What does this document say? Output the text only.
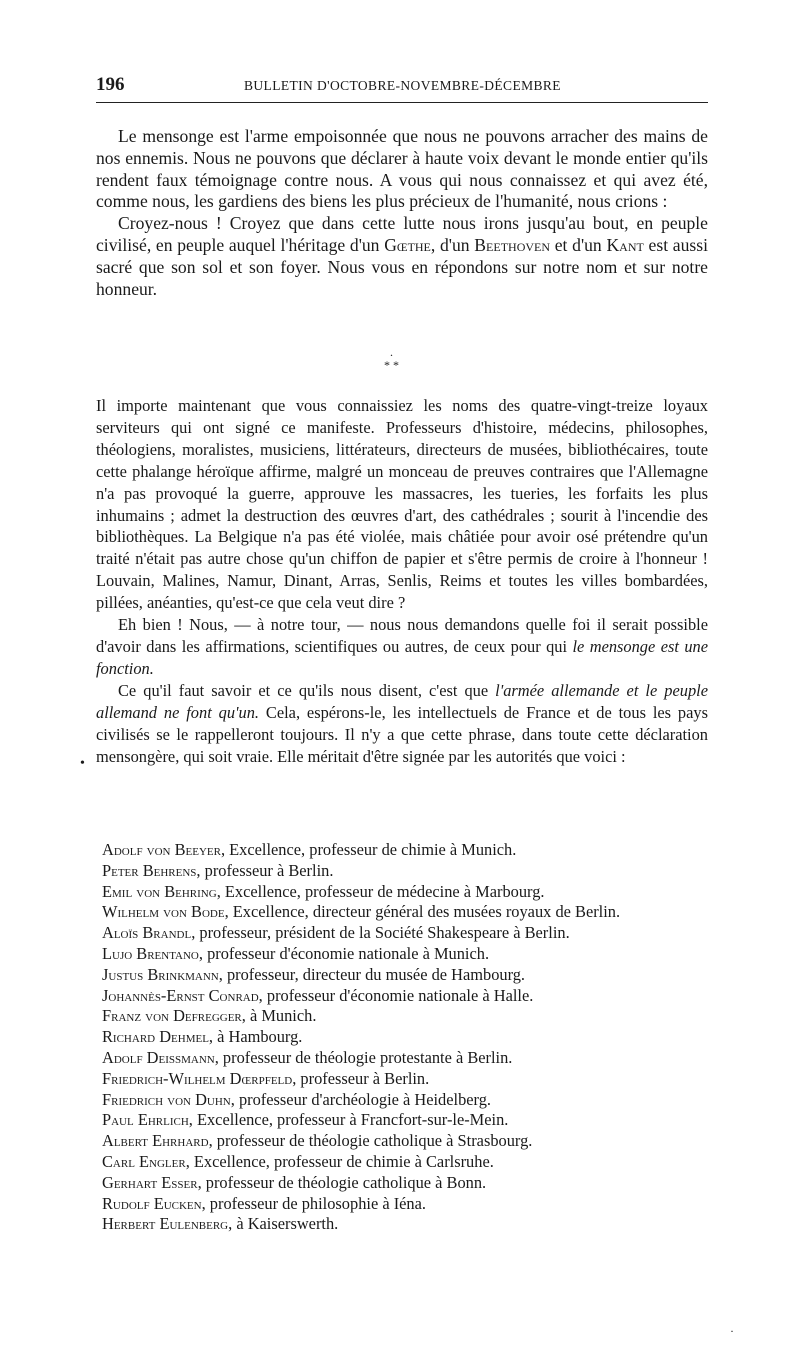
196	BULLETIN D'OCTOBRE-NOVEMBRE-DÉCEMBRE

Le mensonge est l'arme empoisonnée que nous ne pouvons arracher des mains de nos ennemis. Nous ne pouvons que déclarer à haute voix devant le monde entier qu'ils rendent faux témoignage contre nous. A vous qui nous connaissez et qui avez été, comme nous, les gardiens des biens les plus précieux de l'humanité, nous crions :

Croyez-nous ! Croyez que dans cette lutte nous irons jusqu'au bout, en peuple civilisé, en peuple auquel l'héritage d'un Gœthe, d'un Beethoven et d'un Kant est aussi sacré que son sol et son foyer. Nous vous en répondons sur notre nom et sur notre honneur.

·
* *

Il importe maintenant que vous connaissiez les noms des quatre-vingt-treize loyaux serviteurs qui ont signé ce manifeste. Professeurs d'histoire, médecins, philosophes, théologiens, moralistes, musiciens, littérateurs, directeurs de musées, bibliothécaires, toute cette phalange héroïque affirme, malgré un monceau de preuves contraires que l'Allemagne n'a pas provoqué la guerre, approuve les massacres, les tueries, les forfaits les plus inhumains ; admet la destruction des œuvres d'art, des cathédrales ; sourit à l'incendie des bibliothèques. La Belgique n'a pas été violée, mais châtiée pour avoir osé prétendre qu'un traité n'était pas autre chose qu'un chiffon de papier et s'être permis de croire à l'honneur ! Louvain, Malines, Namur, Dinant, Arras, Senlis, Reims et toutes les villes bombardées, pillées, anéanties, qu'est-ce que cela veut dire ?

Eh bien ! Nous, — à notre tour, — nous nous demandons quelle foi il serait possible d'avoir dans les affirmations, scientifiques ou autres, de ceux pour qui le mensonge est une fonction.

Ce qu'il faut savoir et ce qu'ils nous disent, c'est que l'armée allemande et le peuple allemand ne font qu'un. Cela, espérons-le, les intellectuels de France et de tous les pays civilisés se le rappelleront toujours. Il n'y a que cette phrase, dans toute cette déclaration mensongère, qui soit vraie. Elle méritait d'être signée par les autorités que voici :

•
Adolf von Beeyer, Excellence, professeur de chimie à Munich.
Peter Behrens, professeur à Berlin.
Emil von Behring, Excellence, professeur de médecine à Marbourg.
Wilhelm von Bode, Excellence, directeur général des musées royaux de Berlin.
Aloïs Brandl, professeur, président de la Société Shakespeare à Berlin.
Lujo Brentano, professeur d'économie nationale à Munich.
Justus Brinkmann, professeur, directeur du musée de Hambourg.
Johannès-Ernst Conrad, professeur d'économie nationale à Halle.
Franz von Defregger, à Munich.
Richard Dehmel, à Hambourg.
Adolf Deissmann, professeur de théologie protestante à Berlin.
Friedrich-Wilhelm Dœrpfeld, professeur à Berlin.
Friedrich von Duhn, professeur d'archéologie à Heidelberg.
Paul Ehrlich, Excellence, professeur à Francfort-sur-le-Mein.
Albert Ehrhard, professeur de théologie catholique à Strasbourg.
Carl Engler, Excellence, professeur de chimie à Carlsruhe.
Gerhart Esser, professeur de théologie catholique à Bonn.
Rudolf Eucken, professeur de philosophie à Iéna.
Herbert Eulenberg, à Kaiserswerth.
·
